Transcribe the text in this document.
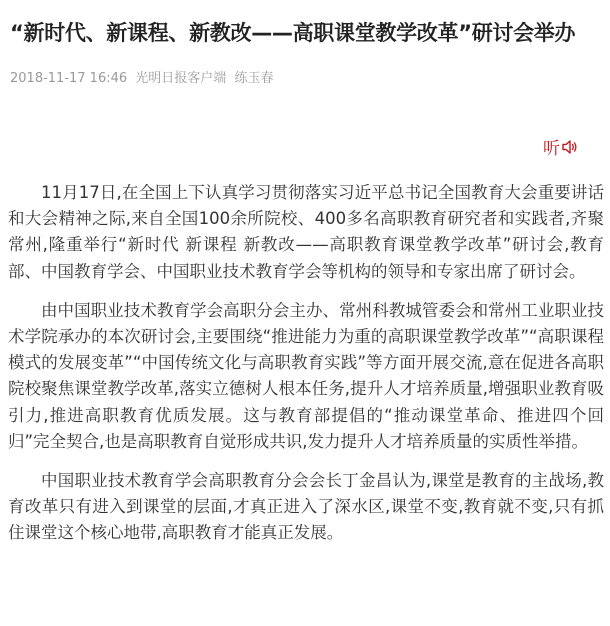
“新时代、新课程、新教改——高职课堂教学改革”研讨会举办
2018-11-17 16:46 光明日报客户端 练玉春
听

11月17日,在全国上下认真学习贯彻落实习近平总书记全国教育大会重要讲话和大会精神之际,来自全国100余所院校、400多名高职教育研究者和实践者,齐聚常州,隆重举行“新时代 新课程 新教改——高职教育课堂教学改革”研讨会,教育部、中国教育学会、中国职业技术教育学会等机构的领导和专家出席了研讨会。

由中国职业技术教育学会高职分会主办、常州科教城管委会和常州工业职业技术学院承办的本次研讨会,主要围绕“推进能力为重的高职课堂教学改革”“高职课程模式的发展变革”“中国传统文化与高职教育实践”等方面开展交流,意在促进各高职院校聚焦课堂教学改革,落实立德树人根本任务,提升人才培养质量,增强职业教育吸引力,推进高职教育优质发展。这与教育部提倡的“推动课堂革命、推进四个回归”完全契合,也是高职教育自觉形成共识,发力提升人才培养质量的实质性举措。

中国职业技术教育学会高职教育分会会长丁金昌认为,课堂是教育的主战场,教育改革只有进入到课堂的层面,才真正进入了深水区,课堂不变,教育就不变,只有抓住课堂这个核心地带,高职教育才能真正发展。
